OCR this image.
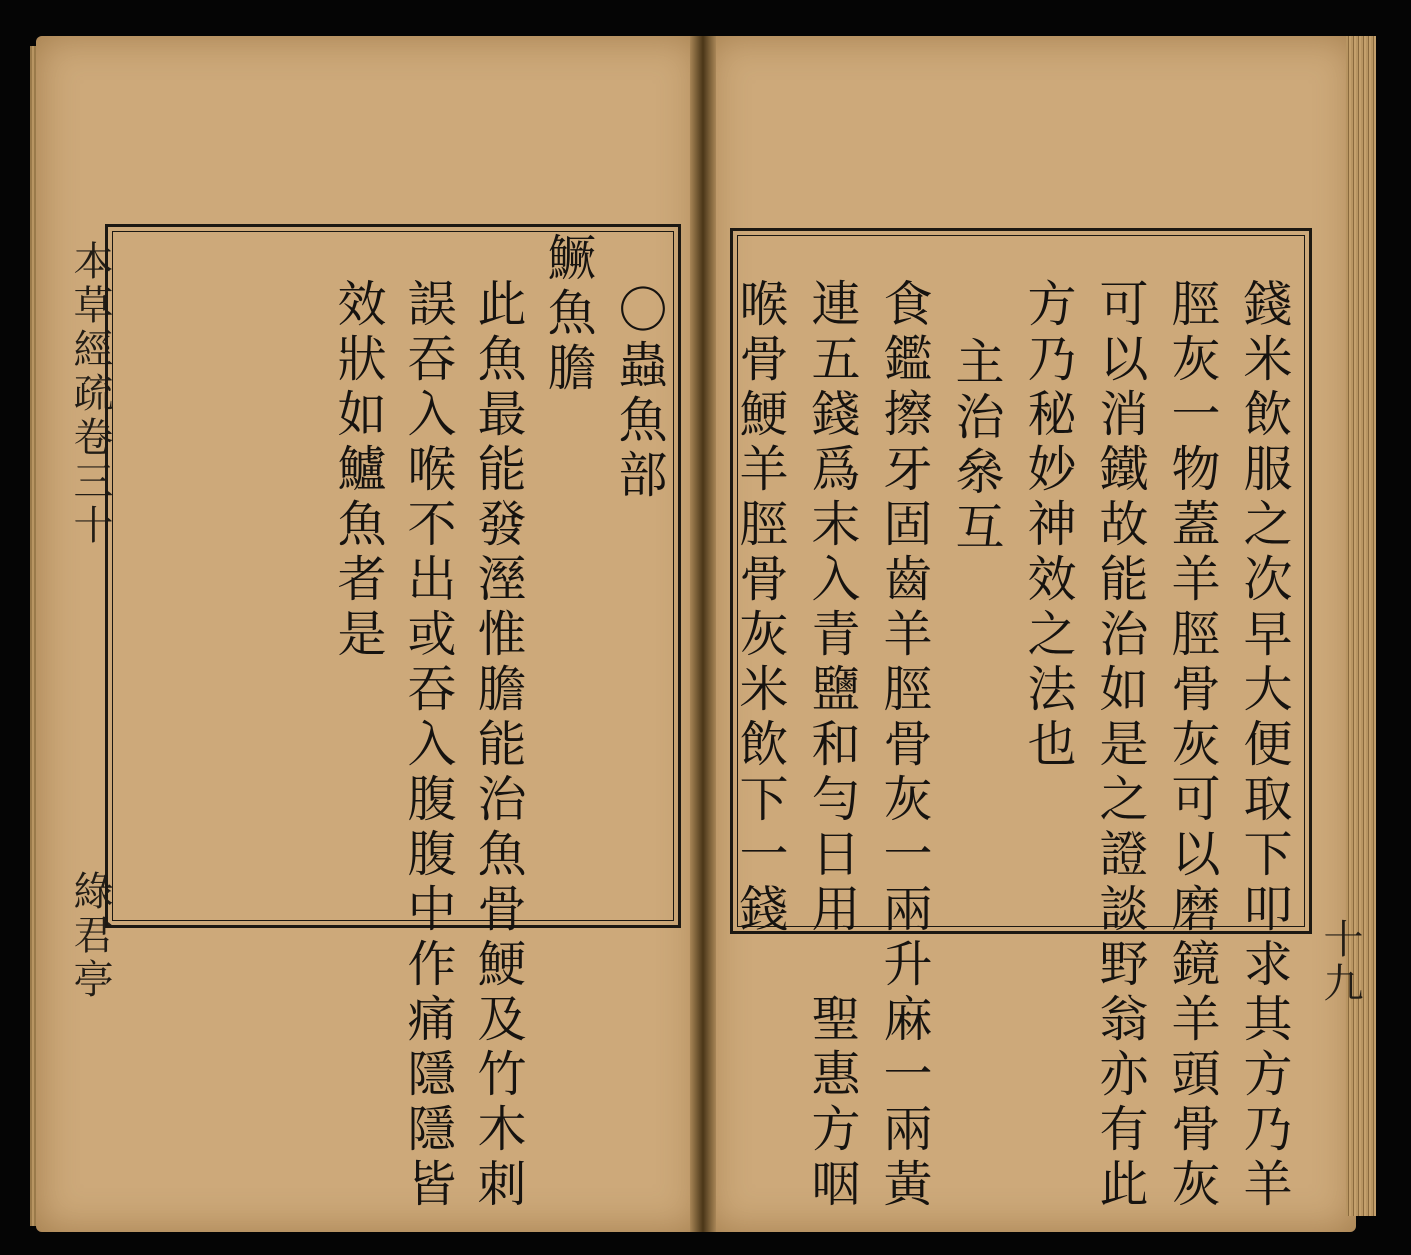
本草經疏卷三十
綠君亭
〇蟲魚部
鱖魚膽
此魚最能發溼惟膽能治魚骨鯁及竹木刺
誤吞入喉不出或吞入腹腹中作痛隱隱皆
效狀如鱸魚者是	錢米飲服之次早大便取下叩求其方乃羊
脛灰一物蓋羊脛骨灰可以磨鏡羊頭骨灰
可以消鐵故能治如是之證談野翁亦有此
方乃秘妙神效之法也
主治㕘互
食鑑擦牙固齒羊脛骨灰一兩升麻一兩黃
連五錢爲末入青鹽和勻日用　聖惠方咽
喉骨鯁羊脛骨灰米飲下一錢
十九
